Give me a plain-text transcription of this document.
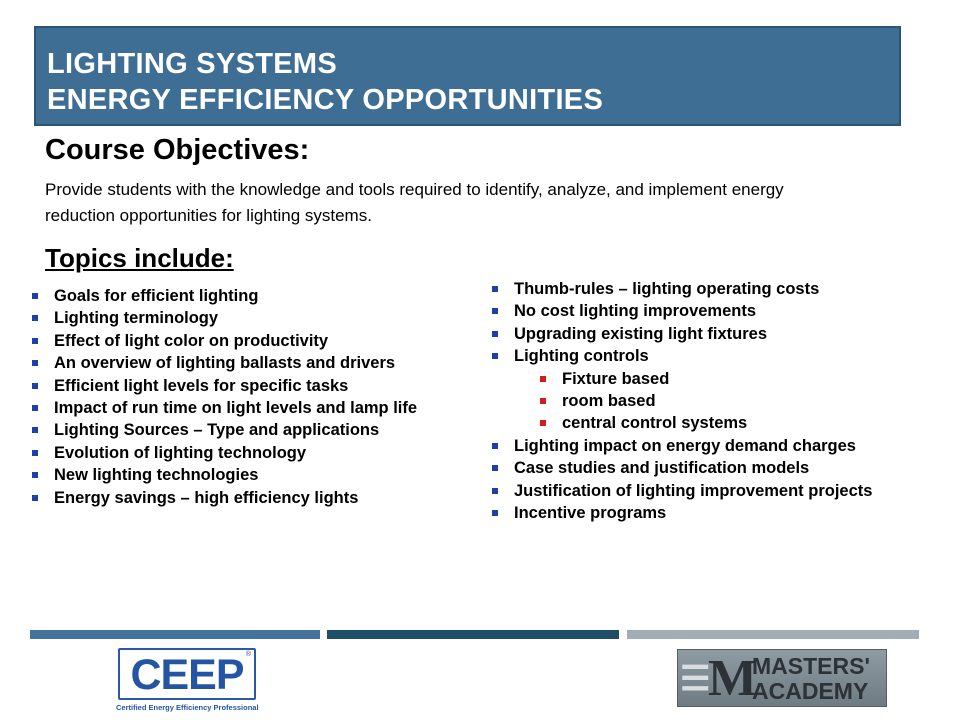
LIGHTING SYSTEMS
ENERGY EFFICIENCY OPPORTUNITIES
Course Objectives:
Provide students with the knowledge and tools required to identify, analyze, and implement energy reduction opportunities for lighting systems.
Topics include:
Goals for efficient lighting
Lighting terminology
Effect of light color on productivity
An overview of lighting ballasts and drivers
Efficient light levels for specific tasks
Impact of run time on light levels and lamp life
Lighting Sources – Type and applications
Evolution of lighting technology
New lighting technologies
Energy savings – high efficiency lights
Thumb-rules – lighting operating costs
No cost lighting improvements
Upgrading existing light fixtures
Lighting controls
Fixture based
room based
central control systems
Lighting impact on energy demand charges
Case studies and justification models
Justification of lighting improvement projects
Incentive programs
CEEP ®
Certified Energy Efficiency Professional
☰
M
MASTERS'
ACADEMY
